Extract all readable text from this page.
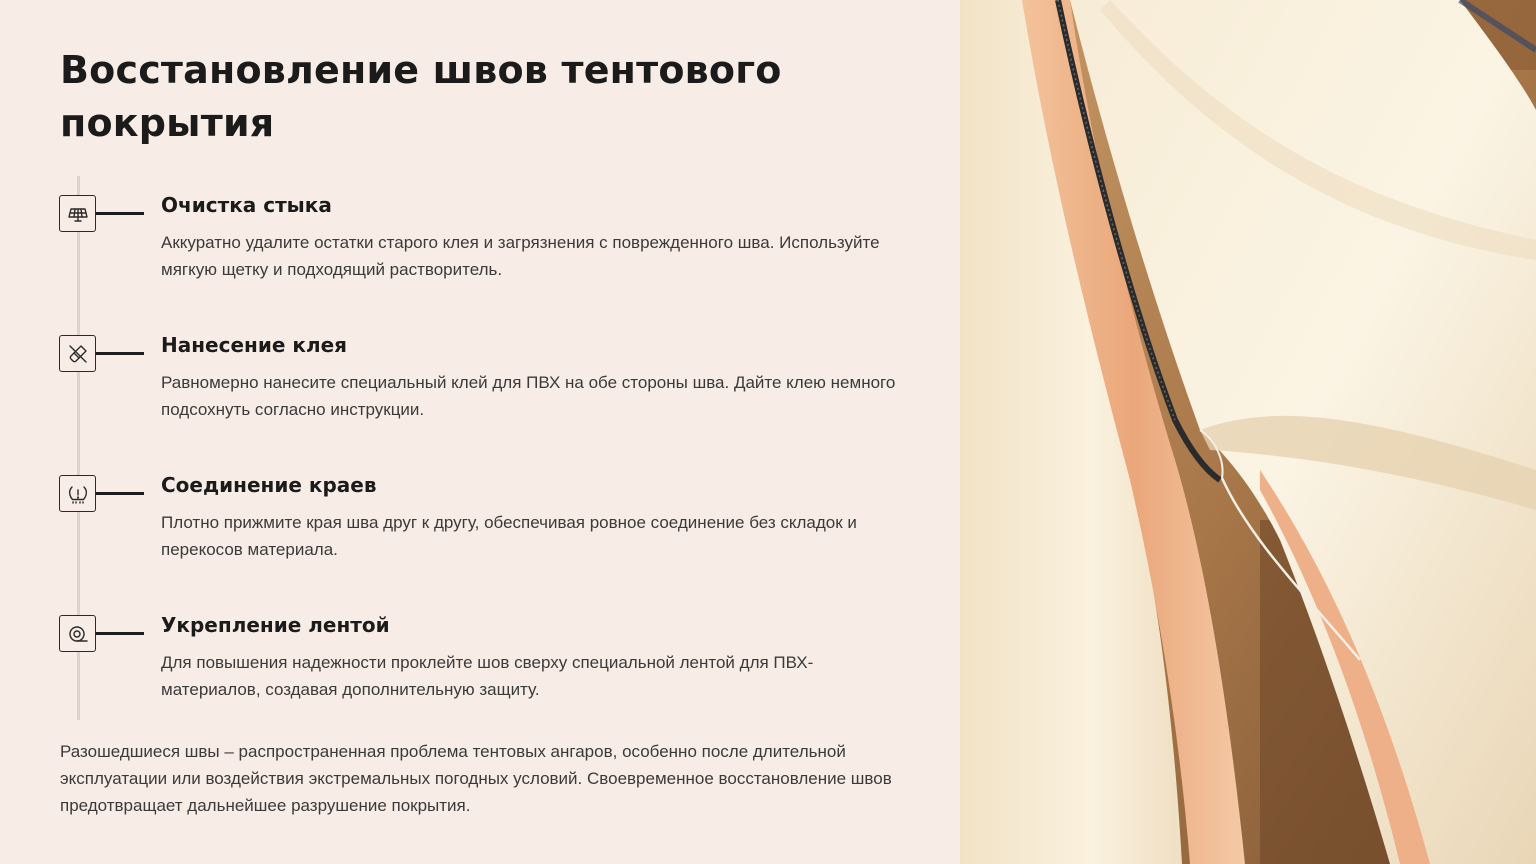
Восстановление швов тентового покрытия
Очистка стыка
Аккуратно удалите остатки старого клея и загрязнения с поврежденного шва. Используйте мягкую щетку и подходящий растворитель.
Нанесение клея
Равномерно нанесите специальный клей для ПВХ на обе стороны шва. Дайте клею немного подсохнуть согласно инструкции.
Соединение краев
Плотно прижмите края шва друг к другу, обеспечивая ровное соединение без складок и перекосов материала.
Укрепление лентой
Для повышения надежности проклейте шов сверху специальной лентой для ПВХ-материалов, создавая дополнительную защиту.
Разошедшиеся швы – распространенная проблема тентовых ангаров, особенно после длительной эксплуатации или воздействия экстремальных погодных условий. Своевременное восстановление швов предотвращает дальнейшее разрушение покрытия.
